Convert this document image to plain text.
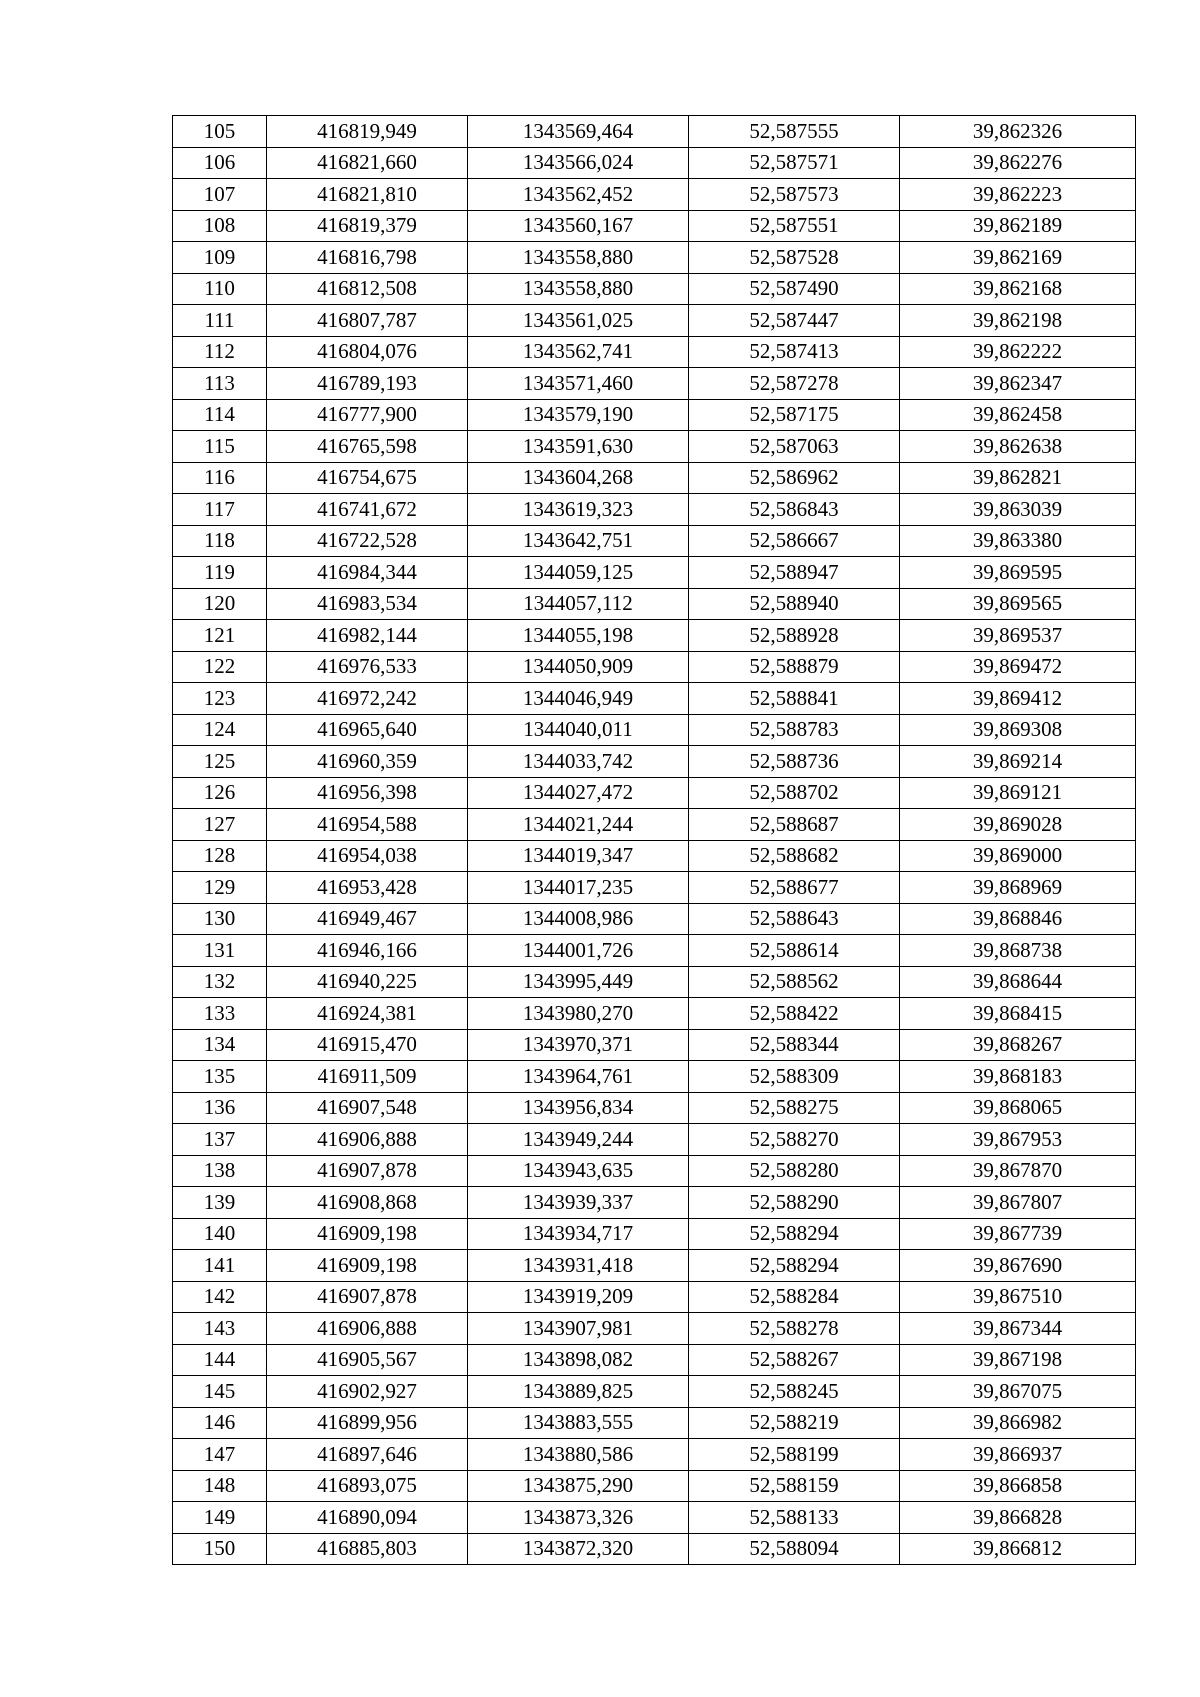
105	416819,949	1343569,464	52,587555	39,862326
106	416821,660	1343566,024	52,587571	39,862276
107	416821,810	1343562,452	52,587573	39,862223
108	416819,379	1343560,167	52,587551	39,862189
109	416816,798	1343558,880	52,587528	39,862169
110	416812,508	1343558,880	52,587490	39,862168
111	416807,787	1343561,025	52,587447	39,862198
112	416804,076	1343562,741	52,587413	39,862222
113	416789,193	1343571,460	52,587278	39,862347
114	416777,900	1343579,190	52,587175	39,862458
115	416765,598	1343591,630	52,587063	39,862638
116	416754,675	1343604,268	52,586962	39,862821
117	416741,672	1343619,323	52,586843	39,863039
118	416722,528	1343642,751	52,586667	39,863380
119	416984,344	1344059,125	52,588947	39,869595
120	416983,534	1344057,112	52,588940	39,869565
121	416982,144	1344055,198	52,588928	39,869537
122	416976,533	1344050,909	52,588879	39,869472
123	416972,242	1344046,949	52,588841	39,869412
124	416965,640	1344040,011	52,588783	39,869308
125	416960,359	1344033,742	52,588736	39,869214
126	416956,398	1344027,472	52,588702	39,869121
127	416954,588	1344021,244	52,588687	39,869028
128	416954,038	1344019,347	52,588682	39,869000
129	416953,428	1344017,235	52,588677	39,868969
130	416949,467	1344008,986	52,588643	39,868846
131	416946,166	1344001,726	52,588614	39,868738
132	416940,225	1343995,449	52,588562	39,868644
133	416924,381	1343980,270	52,588422	39,868415
134	416915,470	1343970,371	52,588344	39,868267
135	416911,509	1343964,761	52,588309	39,868183
136	416907,548	1343956,834	52,588275	39,868065
137	416906,888	1343949,244	52,588270	39,867953
138	416907,878	1343943,635	52,588280	39,867870
139	416908,868	1343939,337	52,588290	39,867807
140	416909,198	1343934,717	52,588294	39,867739
141	416909,198	1343931,418	52,588294	39,867690
142	416907,878	1343919,209	52,588284	39,867510
143	416906,888	1343907,981	52,588278	39,867344
144	416905,567	1343898,082	52,588267	39,867198
145	416902,927	1343889,825	52,588245	39,867075
146	416899,956	1343883,555	52,588219	39,866982
147	416897,646	1343880,586	52,588199	39,866937
148	416893,075	1343875,290	52,588159	39,866858
149	416890,094	1343873,326	52,588133	39,866828
150	416885,803	1343872,320	52,588094	39,866812
